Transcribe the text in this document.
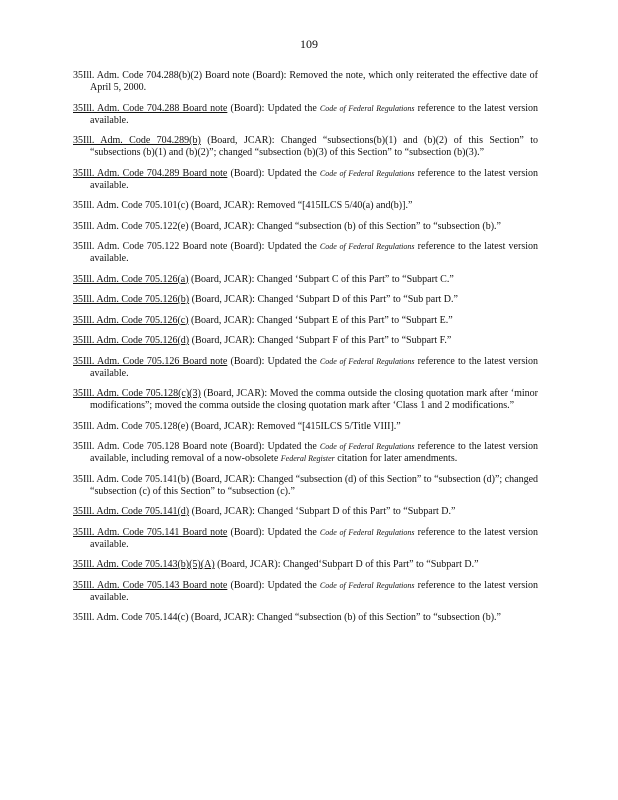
109

35Ill. Adm. Code 704.288(b)(2) Board note (Board): Removed the note, which only reiterated the effective date of April 5, 2000.

35Ill. Adm. Code 704.288 Board note (Board): Updated the Code of Federal Regulations reference to the latest version available.

35Ill. Adm. Code 704.289(b) (Board, JCAR): Changed “subsections(b)(1) and (b)(2) of this Section” to “subsections (b)(1) and (b)(2)”; changed “subsection (b)(3) of this Section” to “subsection (b)(3).”

35Ill. Adm. Code 704.289 Board note (Board): Updated the Code of Federal Regulations reference to the latest version available.

35Ill. Adm. Code 705.101(c) (Board, JCAR): Removed “[415ILCS 5/40(a) and(b)].”

35Ill. Adm. Code 705.122(e) (Board, JCAR): Changed “subsection (b) of this Section” to “subsection (b).”

35Ill. Adm. Code 705.122 Board note (Board): Updated the Code of Federal Regulations reference to the latest version available.

35Ill. Adm. Code 705.126(a) (Board, JCAR): Changed ‘Subpart C of this Part” to “Subpart C.”

35Ill. Adm. Code 705.126(b) (Board, JCAR): Changed ‘Subpart D of this Part” to “Sub part D.”

35Ill. Adm. Code 705.126(c) (Board, JCAR): Changed ‘Subpart E of this Part” to “Subpart E.”

35Ill. Adm. Code 705.126(d) (Board, JCAR): Changed ‘Subpart F of this Part” to “Subpart F.”

35Ill. Adm. Code 705.126 Board note (Board): Updated the Code of Federal Regulations reference to the latest version available.

35Ill. Adm. Code 705.128(c)(3) (Board, JCAR): Moved the comma outside the closing quotation mark after ‘minor modifications”; moved the comma outside the closing quotation mark after ‘Class 1 and 2 modifications.”

35Ill. Adm. Code 705.128(e) (Board, JCAR): Removed “[415ILCS 5/Title VIII].”

35Ill. Adm. Code 705.128 Board note (Board): Updated the Code of Federal Regulations reference to the latest version available, including removal of a now-obsolete Federal Register citation for later amendments.

35Ill. Adm. Code 705.141(b) (Board, JCAR): Changed “subsection (d) of this Section” to “subsection (d)”; changed “subsection (c) of this Section” to “subsection (c).”

35Ill. Adm. Code 705.141(d) (Board, JCAR): Changed ‘Subpart D of this Part” to “Subpart D.”

35Ill. Adm. Code 705.141 Board note (Board): Updated the Code of Federal Regulations reference to the latest version available.

35Ill. Adm. Code 705.143(b)(5)(A) (Board, JCAR): Changed‘Subpart D of this Part” to “Subpart D.”

35Ill. Adm. Code 705.143 Board note (Board): Updated the Code of Federal Regulations reference to the latest version available.

35Ill. Adm. Code 705.144(c) (Board, JCAR): Changed “subsection (b) of this Section” to “subsection (b).”
